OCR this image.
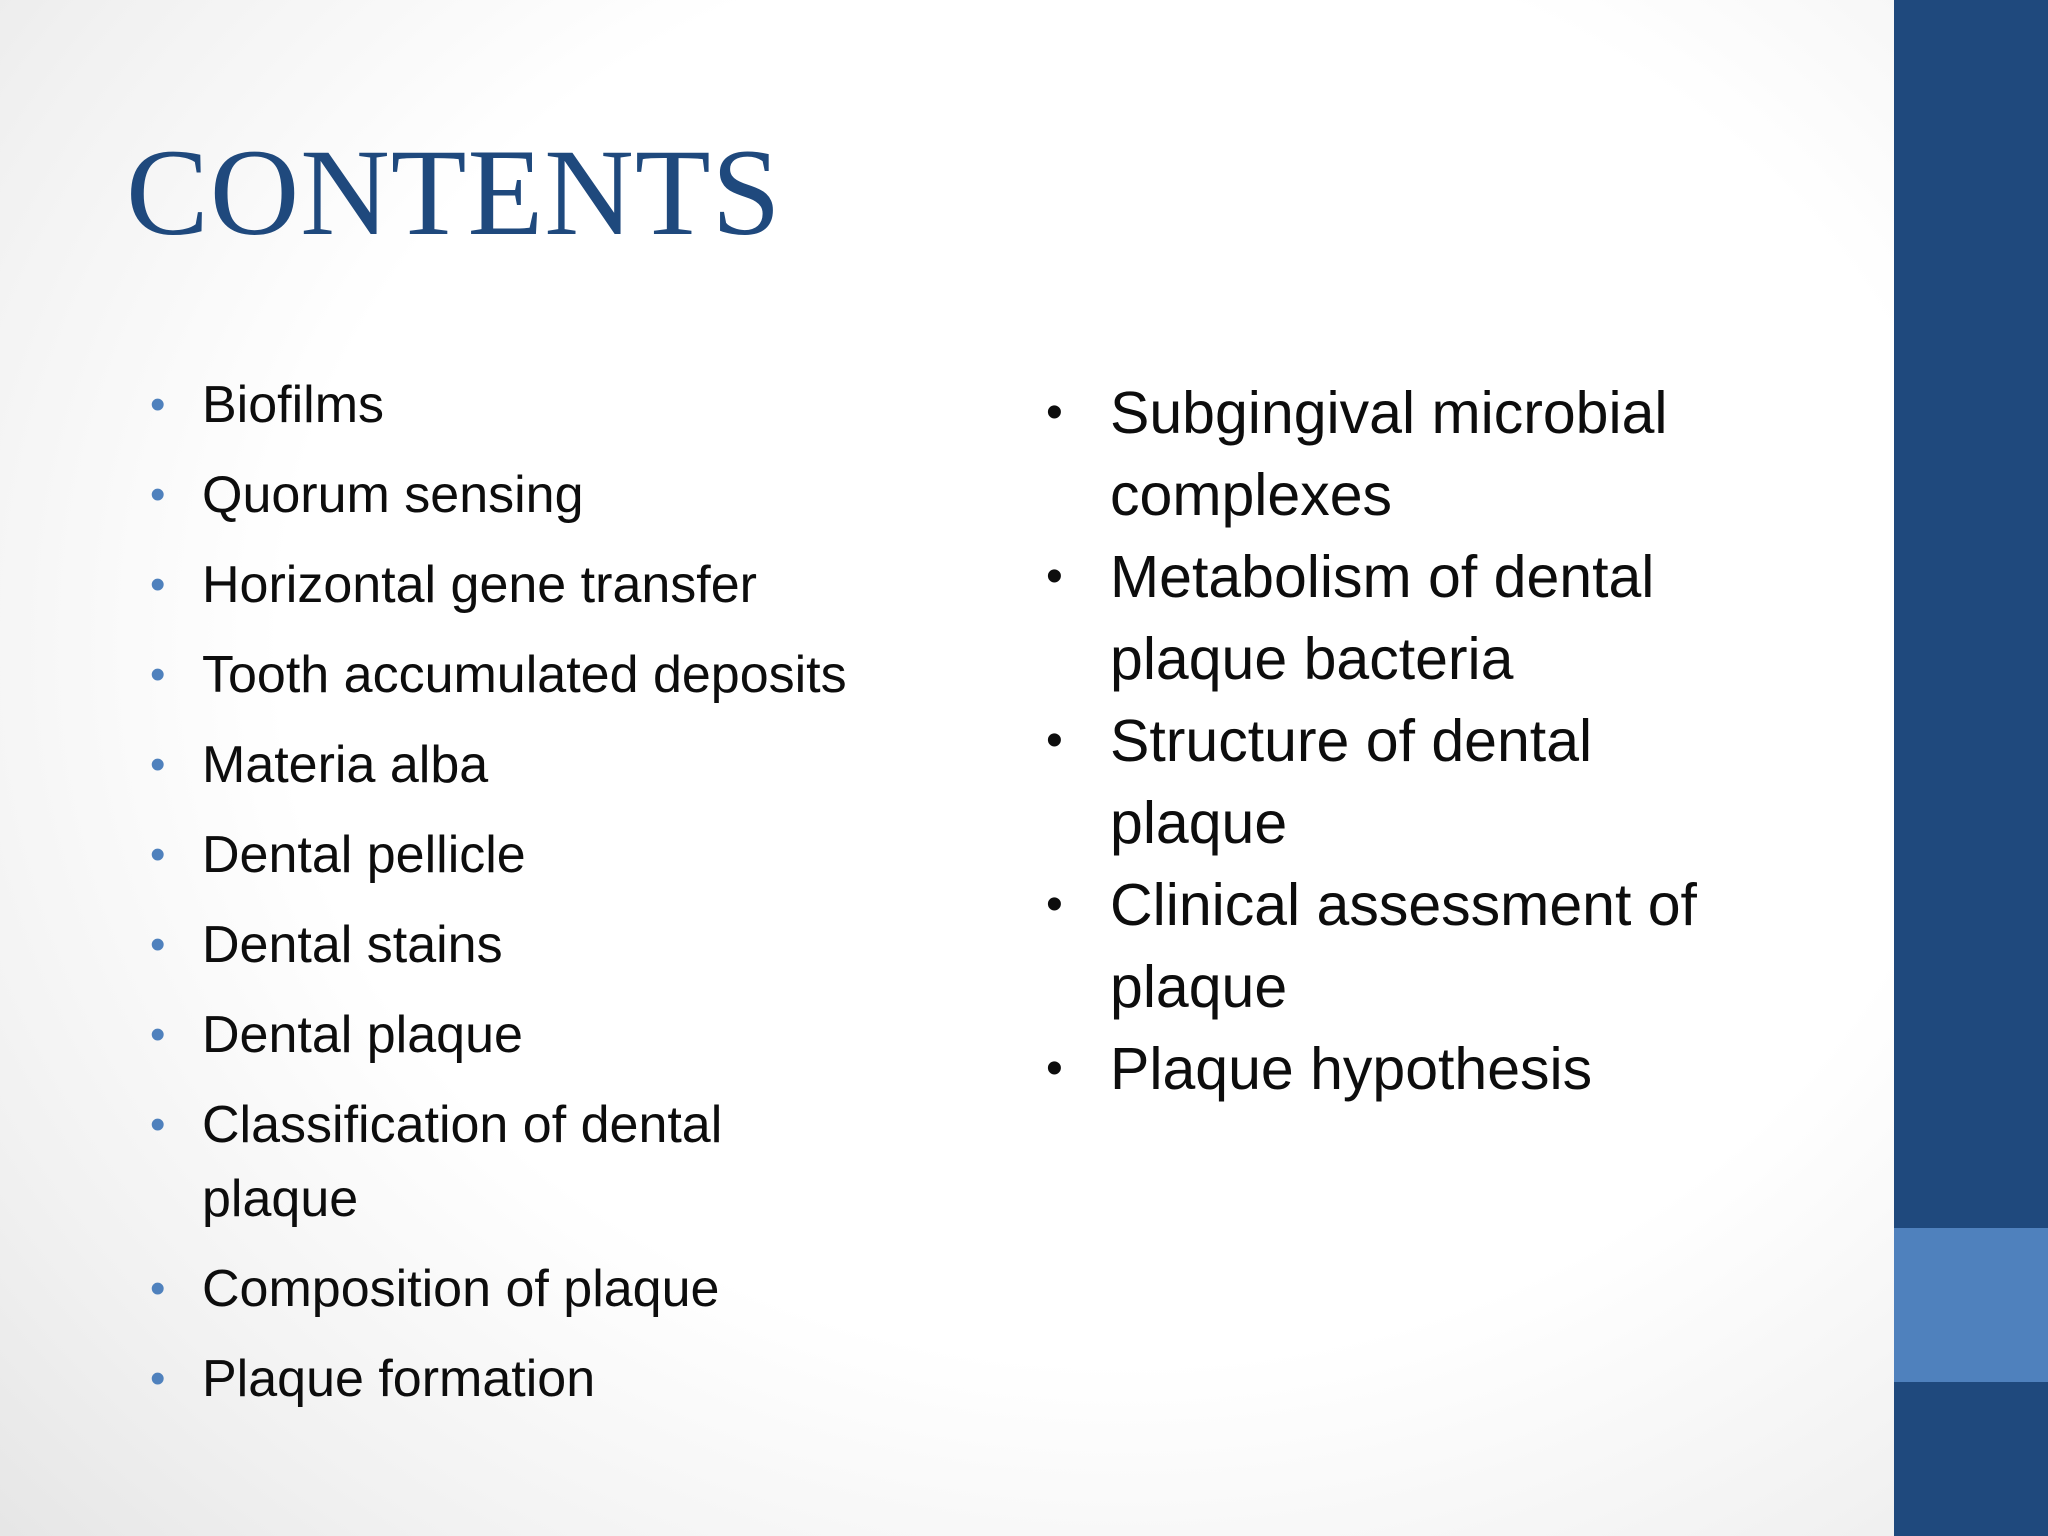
CONTENTS
• Biofilms
• Quorum sensing
• Horizontal gene transfer
• Tooth accumulated deposits
• Materia alba
• Dental pellicle
• Dental stains
• Dental plaque
• Classification of dental plaque
• Composition of plaque
• Plaque formation
• Subgingival microbial complexes
• Metabolism of dental plaque bacteria
• Structure of dental plaque
• Clinical assessment of plaque
• Plaque hypothesis
